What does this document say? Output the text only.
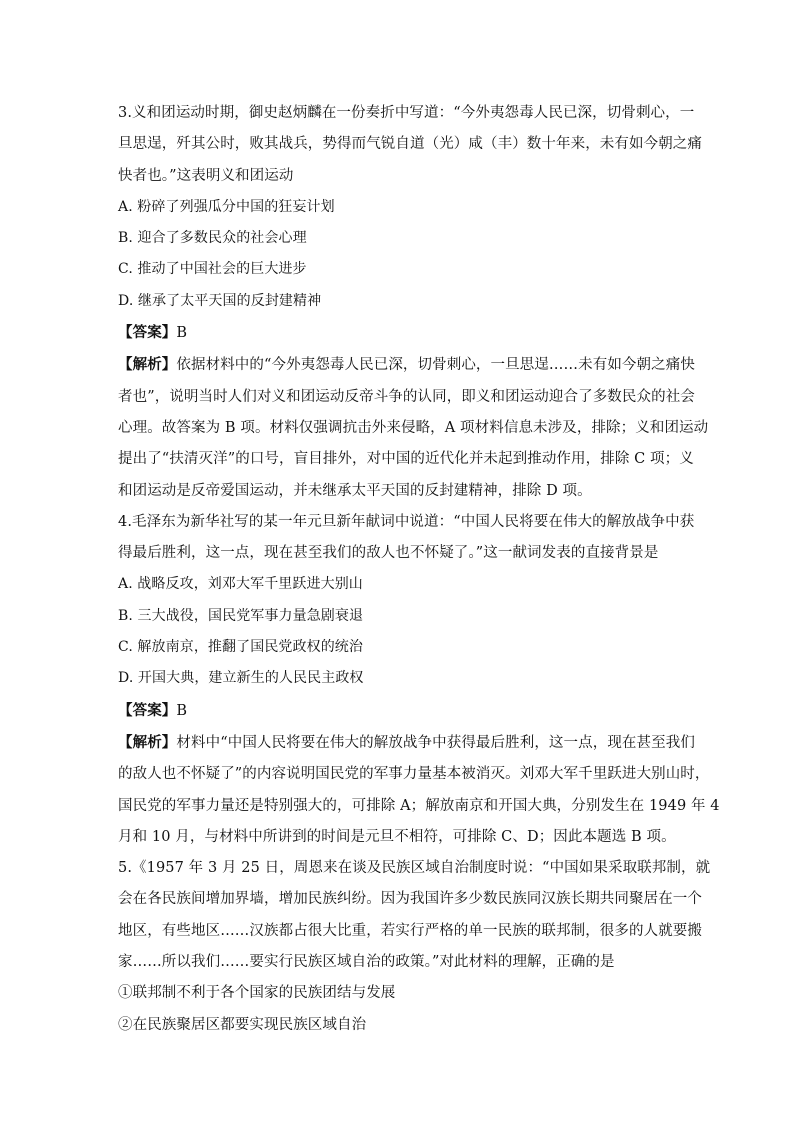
3.义和团运动时期，御史赵炳麟在一份奏折中写道：“今外夷怨毒人民已深，切骨刺心，一
旦思逞，歼其公时，败其战兵，势得而气锐自道（光）咸（丰）数十年来，未有如今朝之痛
快者也。”这表明义和团运动
A. 粉碎了列强瓜分中国的狂妄计划
B. 迎合了多数民众的社会心理
C. 推动了中国社会的巨大进步
D. 继承了太平天国的反封建精神
【答案】B
【解析】依据材料中的“今外夷怨毒人民已深，切骨刺心，一旦思逞……未有如今朝之痛快
者也”，说明当时人们对义和团运动反帝斗争的认同，即义和团运动迎合了多数民众的社会
心理。故答案为 B 项。材料仅强调抗击外来侵略，A 项材料信息未涉及，排除；义和团运动
提出了“扶清灭洋”的口号，盲目排外，对中国的近代化并未起到推动作用，排除 C 项；义
和团运动是反帝爱国运动，并未继承太平天国的反封建精神，排除 D 项。
4.毛泽东为新华社写的某一年元旦新年献词中说道：“中国人民将要在伟大的解放战争中获
得最后胜利，这一点，现在甚至我们的敌人也不怀疑了。”这一献词发表的直接背景是
A. 战略反攻，刘邓大军千里跃进大别山
B. 三大战役，国民党军事力量急剧衰退
C. 解放南京，推翻了国民党政权的统治
D. 开国大典，建立新生的人民民主政权
【答案】B
【解析】材料中“中国人民将要在伟大的解放战争中获得最后胜利，这一点，现在甚至我们
的敌人也不怀疑了”的内容说明国民党的军事力量基本被消灭。刘邓大军千里跃进大别山时，
国民党的军事力量还是特别强大的，可排除 A；解放南京和开国大典，分别发生在 1949 年 4
月和 10 月，与材料中所讲到的时间是元旦不相符，可排除 C、D；因此本题选 B 项。
5.《1957 年 3 月 25 日，周恩来在谈及民族区域自治制度时说：“中国如果采取联邦制，就
会在各民族间增加界墙，增加民族纠纷。因为我国许多少数民族同汉族长期共同聚居在一个
地区，有些地区……汉族都占很大比重，若实行严格的单一民族的联邦制，很多的人就要搬
家……所以我们……要实行民族区域自治的政策。”对此材料的理解，正确的是
①联邦制不利于各个国家的民族团结与发展
②在民族聚居区都要实现民族区域自治
